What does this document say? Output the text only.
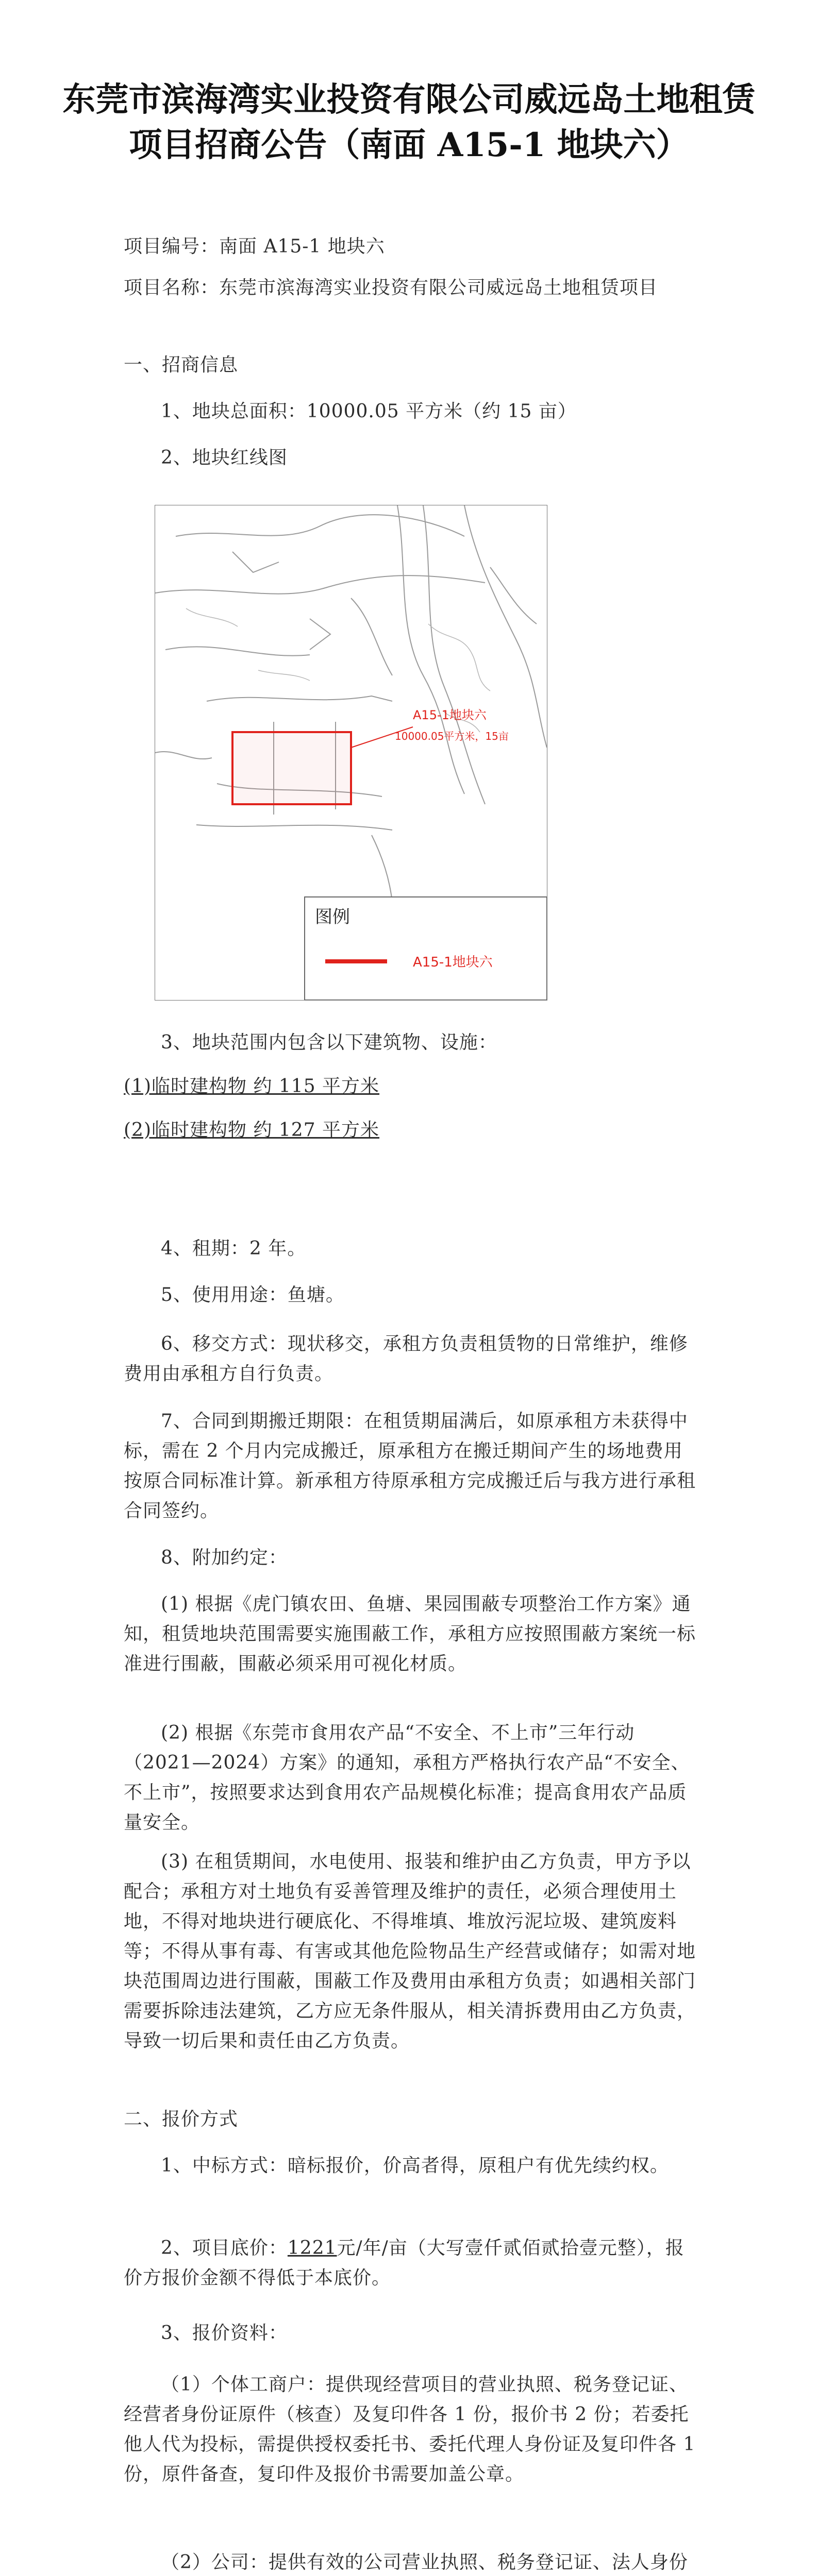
东莞市滨海湾实业投资有限公司威远岛土地租赁项目招商公告（南面 A15-1 地块六）
项目编号：南面 A15-1 地块六
项目名称：东莞市滨海湾实业投资有限公司威远岛土地租赁项目
一、招商信息
1、地块总面积：10000.05 平方米（约 15 亩）
2、地块红线图
A15-1地块六
10000.05平方米，15亩
图例
A15-1地块六
3、地块范围内包含以下建筑物、设施：
(1)临时建构物 约 115 平方米
(2)临时建构物 约 127 平方米
4、租期：2 年。
5、使用用途：鱼塘。
6、移交方式：现状移交，承租方负责租赁物的日常维护，维修费用由承租方自行负责。
7、合同到期搬迁期限：在租赁期届满后，如原承租方未获得中标，需在 2 个月内完成搬迁，原承租方在搬迁期间产生的场地费用按原合同标准计算。新承租方待原承租方完成搬迁后与我方进行承租合同签约。
8、附加约定：
(1) 根据《虎门镇农田、鱼塘、果园围蔽专项整治工作方案》通知，租赁地块范围需要实施围蔽工作，承租方应按照围蔽方案统一标准进行围蔽，围蔽必须采用可视化材质。
(2) 根据《东莞市食用农产品“不安全、不上市”三年行动（2021—2024）方案》的通知，承租方严格执行农产品“不安全、不上市”，按照要求达到食用农产品规模化标准；提高食用农产品质量安全。
(3) 在租赁期间，水电使用、报装和维护由乙方负责，甲方予以配合；承租方对土地负有妥善管理及维护的责任，必须合理使用土地，不得对地块进行硬底化、不得堆填、堆放污泥垃圾、建筑废料等；不得从事有毒、有害或其他危险物品生产经营或储存；如需对地块范围周边进行围蔽，围蔽工作及费用由承租方负责；如遇相关部门需要拆除违法建筑，乙方应无条件服从，相关清拆费用由乙方负责，导致一切后果和责任由乙方负责。
二、报价方式
1、中标方式：暗标报价，价高者得，原租户有优先续约权。
2、项目底价：1221元/年/亩（大写壹仟贰佰贰拾壹元整），报价方报价金额不得低于本底价。
3、报价资料：
（1）个体工商户：提供现经营项目的营业执照、税务登记证、经营者身份证原件（核查）及复印件各 1 份，报价书 2 份；若委托他人代为投标，需提供授权委托书、委托代理人身份证及复印件各 1 份，原件备查，复印件及报价书需要加盖公章。
（2）公司：提供有效的公司营业执照、税务登记证、法人身份
